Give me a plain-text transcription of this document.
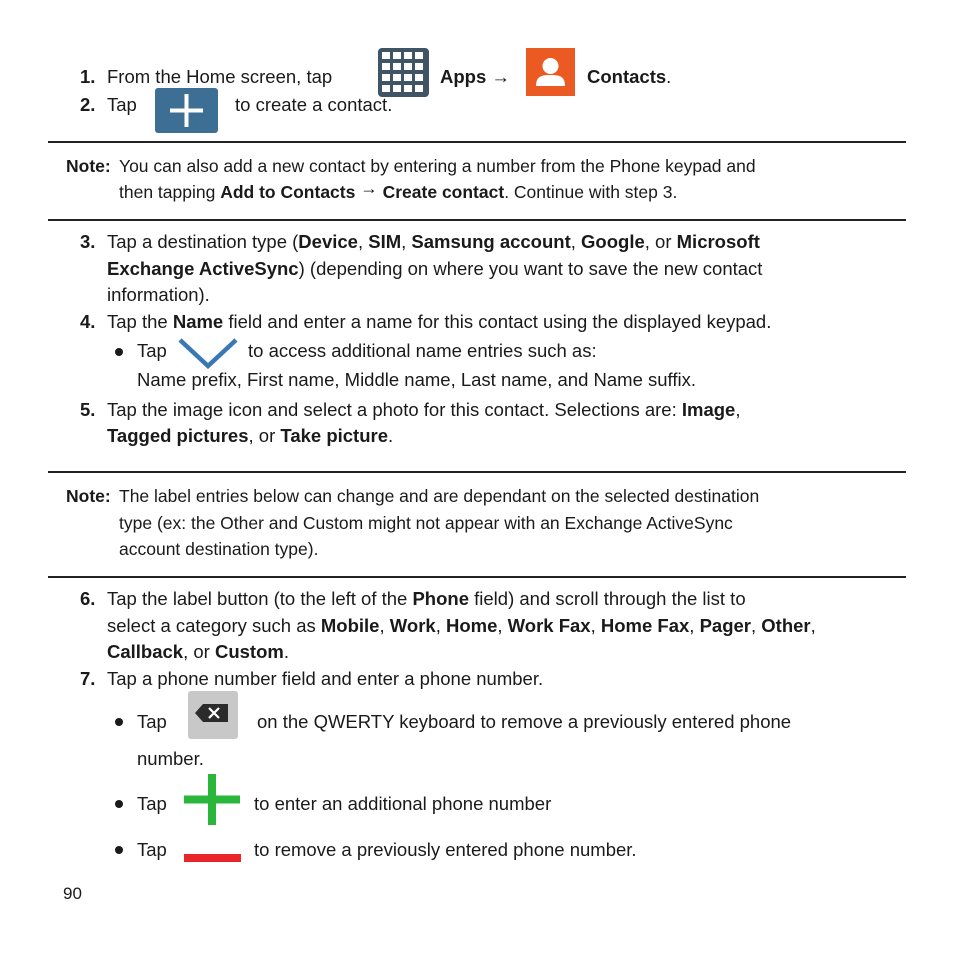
1. From the Home screen, tap	Apps →	Contacts.
2. Tap	to create a contact.
Note: You can also add a new contact by entering a number from the Phone keypad and
then tapping Add to Contacts → Create contact. Continue with step 3.
3. Tap a destination type (Device, SIM, Samsung account, Google, or Microsoft
Exchange ActiveSync) (depending on where you want to save the new contact
information).
4. Tap the Name field and enter a name for this contact using the displayed keypad.
Tap	to access additional name entries such as:
Name prefix, First name, Middle name, Last name, and Name suffix.
5. Tap the image icon and select a photo for this contact. Selections are: Image,
Tagged pictures, or Take picture.
Note: The label entries below can change and are dependant on the selected destination
type (ex: the Other and Custom might not appear with an Exchange ActiveSync
account destination type).
6. Tap the label button (to the left of the Phone field) and scroll through the list to
select a category such as Mobile, Work, Home, Work Fax, Home Fax, Pager, Other,
Callback, or Custom.
7. Tap a phone number field and enter a phone number.
Tap	on the QWERTY keyboard to remove a previously entered phone
number.
Tap	to enter an additional phone number
Tap	to remove a previously entered phone number.
90
